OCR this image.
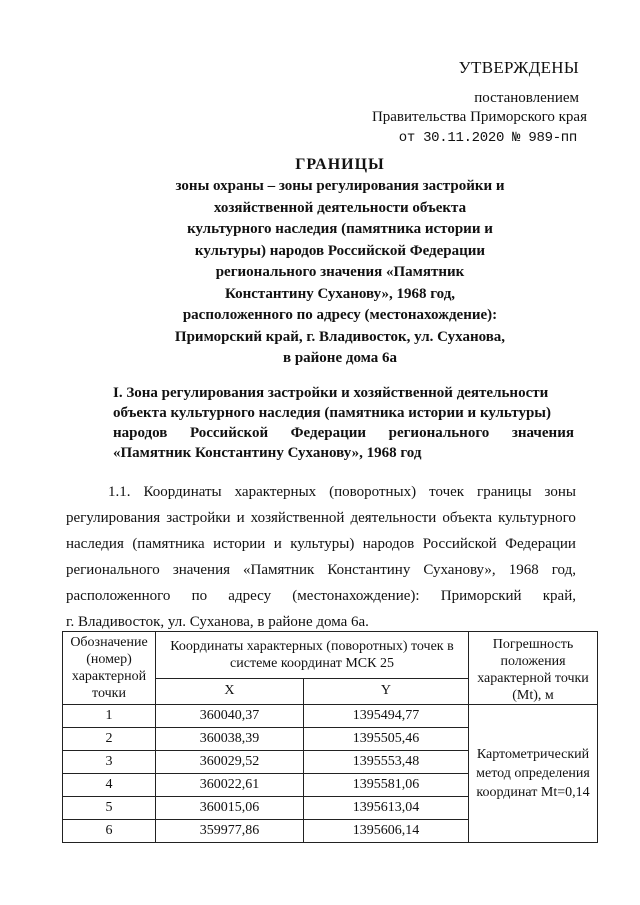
УТВЕРЖДЕНЫ
постановлением
Правительства Приморского края
от 30.11.2020 № 989-пп
ГРАНИЦЫ
зоны охраны – зоны регулирования застройки и
хозяйственной деятельности объекта
культурного наследия (памятника истории и
культуры) народов Российской Федерации
регионального значения «Памятник
Константину Суханову», 1968 год,
расположенного по адресу (местонахождение):
Приморский край, г. Владивосток, ул. Суханова,
в районе дома 6а
I. Зона регулирования застройки и хозяйственной деятельности
объекта культурного наследия (памятника истории и культуры)
народов Российской Федерации регионального значения
«Памятник Константину Суханову», 1968 год
1.1. Координаты характерных (поворотных) точек границы зоны
регулирования застройки и хозяйственной деятельности объекта культурного
наследия (памятника истории и культуры) народов Российской Федерации
регионального значения «Памятник Константину Суханову», 1968 год,
расположенного по адресу (местонахождение): Приморский край,
г. Владивосток, ул. Суханова, в районе дома 6а.
Обозначение (номер) характерной точки	Координаты характерных (поворотных) точек в системе координат МСК 25		Погрешность положения характерной точки (Mt), м
	X	Y	
1	360040,37	1395494,77	Картометрический метод определения координат Mt=0,14
2	360038,39	1395505,46	
3	360029,52	1395553,48	
4	360022,61	1395581,06	
5	360015,06	1395613,04	
6	359977,86	1395606,14	
